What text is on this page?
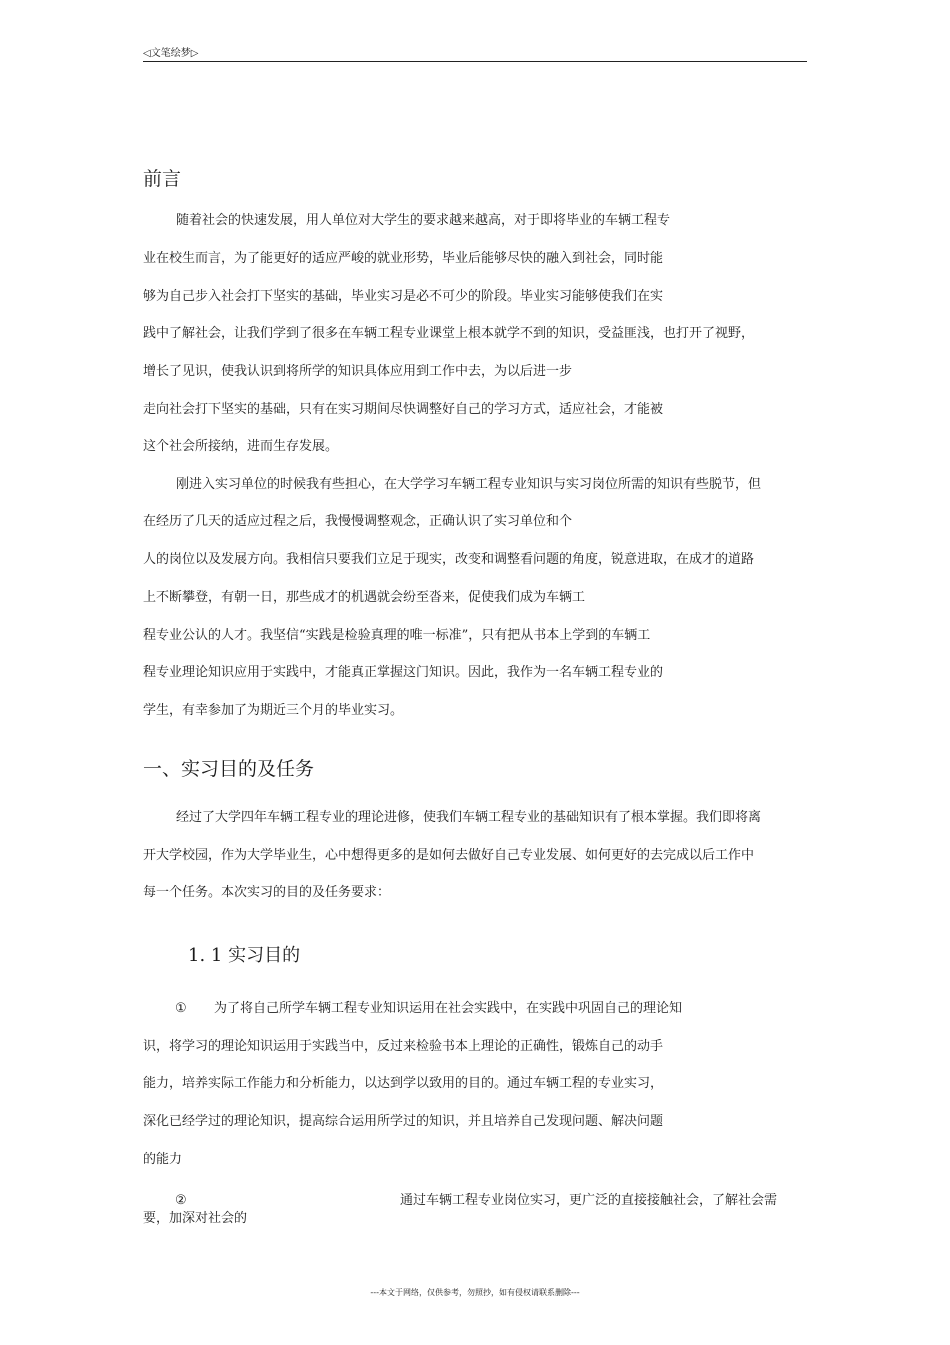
◁文笔绘梦▷
前言
随着社会的快速发展，用人单位对大学生的要求越来越高，对于即将毕业的车辆工程专
业在校生而言，为了能更好的适应严峻的就业形势，毕业后能够尽快的融入到社会，同时能
够为自己步入社会打下坚实的基础，毕业实习是必不可少的阶段。毕业实习能够使我们在实
践中了解社会，让我们学到了很多在车辆工程专业课堂上根本就学不到的知识，受益匪浅，也打开了视野，
增长了见识，使我认识到将所学的知识具体应用到工作中去，为以后进一步
走向社会打下坚实的基础，只有在实习期间尽快调整好自己的学习方式，适应社会，才能被
这个社会所接纳，进而生存发展。
刚进入实习单位的时候我有些担心，在大学学习车辆工程专业知识与实习岗位所需的知识有些脱节，但
在经历了几天的适应过程之后，我慢慢调整观念，正确认识了实习单位和个
人的岗位以及发展方向。我相信只要我们立足于现实，改变和调整看问题的角度，锐意进取，在成才的道路
上不断攀登，有朝一日，那些成才的机遇就会纷至沓来，促使我们成为车辆工
程专业公认的人才。我坚信“实践是检验真理的唯一标准”，只有把从书本上学到的车辆工
程专业理论知识应用于实践中，才能真正掌握这门知识。因此，我作为一名车辆工程专业的
学生，有幸参加了为期近三个月的毕业实习。
一、实习目的及任务
经过了大学四年车辆工程专业的理论进修，使我们车辆工程专业的基础知识有了根本掌握。我们即将离
开大学校园，作为大学毕业生，心中想得更多的是如何去做好自己专业发展、如何更好的去完成以后工作中
每一个任务。本次实习的目的及任务要求：
1. 1 实习目的
① 为了将自己所学车辆工程专业知识运用在社会实践中，在实践中巩固自己的理论知
识，将学习的理论知识运用于实践当中，反过来检验书本上理论的正确性，锻炼自己的动手
能力，培养实际工作能力和分析能力，以达到学以致用的目的。通过车辆工程的专业实习，
深化已经学过的理论知识，提高综合运用所学过的知识，并且培养自己发现问题、解决问题
的能力
②	通过车辆工程专业岗位实习，更广泛的直接接触社会，了解社会需
要，加深对社会的
---本文于网络，仅供参考，勿照抄，如有侵权请联系删除---
